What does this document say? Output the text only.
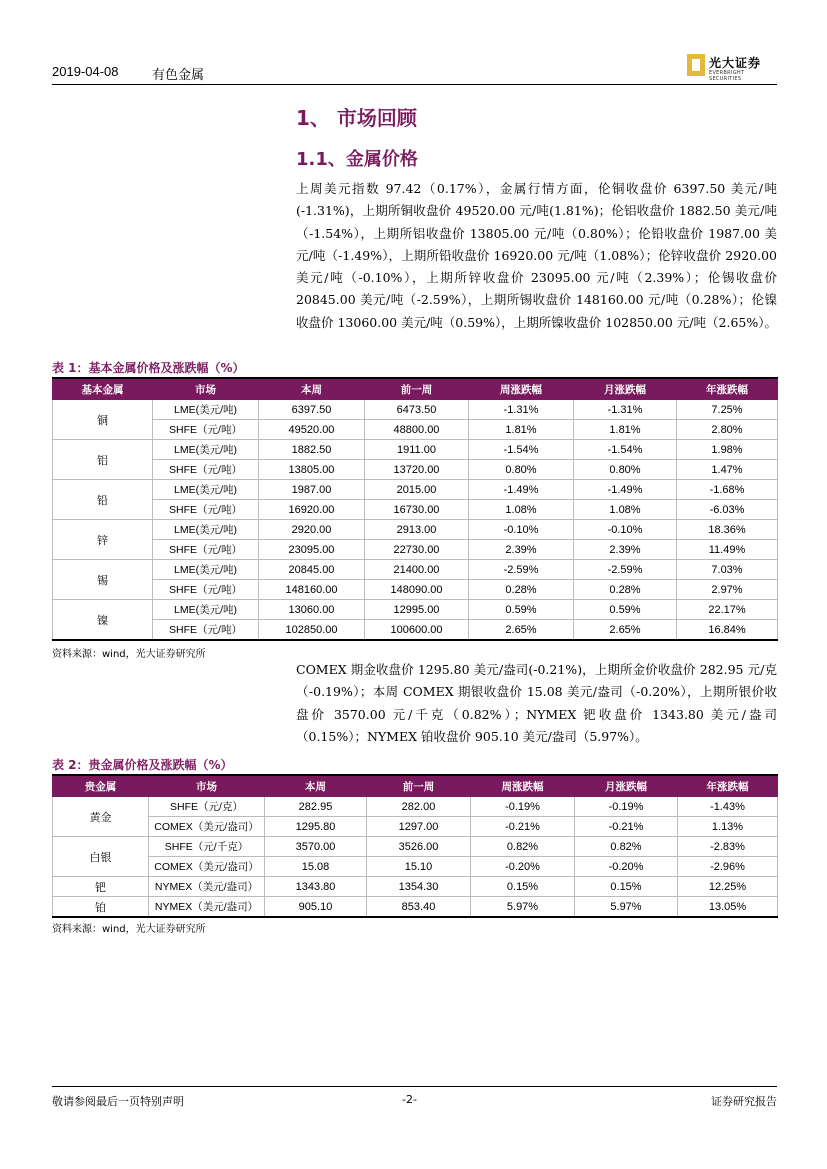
2019-04-08	有色金属
光大证券
EVERBRIGHT SECURITIES
1、 市场回顾
1.1、金属价格
上周美元指数 97.42（0.17%），金属行情方面，伦铜收盘价 6397.50 美元/吨(-1.31%)，上期所铜收盘价 49520.00 元/吨(1.81%)；伦铝收盘价 1882.50 美元/吨（-1.54%），上期所铝收盘价 13805.00 元/吨（0.80%）；伦铅收盘价 1987.00 美元/吨（-1.49%），上期所铅收盘价 16920.00 元/吨（1.08%）；伦锌收盘价 2920.00 美元/吨（-0.10%），上期所锌收盘价 23095.00 元/吨（2.39%）；伦锡收盘价 20845.00 美元/吨（-2.59%），上期所锡收盘价 148160.00 元/吨（0.28%）；伦镍收盘价 13060.00 美元/吨（0.59%），上期所镍收盘价 102850.00 元/吨（2.65%）。
表 1：基本金属价格及涨跌幅（%）
基本金属	市场	本周	前一周	周涨跌幅	月涨跌幅	年涨跌幅
铜	LME(美元/吨)	6397.50	6473.50	-1.31%	-1.31%	7.25%
	SHFE（元/吨）	49520.00	48800.00	1.81%	1.81%	2.80%
铝	LME(美元/吨)	1882.50	1911.00	-1.54%	-1.54%	1.98%
	SHFE（元/吨）	13805.00	13720.00	0.80%	0.80%	1.47%
铅	LME(美元/吨)	1987.00	2015.00	-1.49%	-1.49%	-1.68%
	SHFE（元/吨）	16920.00	16730.00	1.08%	1.08%	-6.03%
锌	LME(美元/吨)	2920.00	2913.00	-0.10%	-0.10%	18.36%
	SHFE（元/吨）	23095.00	22730.00	2.39%	2.39%	11.49%
锡	LME(美元/吨)	20845.00	21400.00	-2.59%	-2.59%	7.03%
	SHFE（元/吨）	148160.00	148090.00	0.28%	0.28%	2.97%
镍	LME(美元/吨)	13060.00	12995.00	0.59%	0.59%	22.17%
	SHFE（元/吨）	102850.00	100600.00	2.65%	2.65%	16.84%
资料来源：wind，光大证券研究所
COMEX 期金收盘价 1295.80 美元/盎司(-0.21%)，上期所金价收盘价 282.95 元/克（-0.19%）；本周 COMEX 期银收盘价 15.08 美元/盎司（-0.20%），上期所银价收盘价 3570.00 元/千克（0.82%）；NYMEX 钯收盘价 1343.80 美元/盎司（0.15%）；NYMEX 铂收盘价 905.10 美元/盎司（5.97%）。
表 2：贵金属价格及涨跌幅（%）
贵金属	市场	本周	前一周	周涨跌幅	月涨跌幅	年涨跌幅
黄金	SHFE（元/克）	282.95	282.00	-0.19%	-0.19%	-1.43%
	COMEX（美元/盎司）	1295.80	1297.00	-0.21%	-0.21%	1.13%
白银	SHFE（元/千克）	3570.00	3526.00	0.82%	0.82%	-2.83%
	COMEX（美元/盎司）	15.08	15.10	-0.20%	-0.20%	-2.96%
钯	NYMEX（美元/盎司）	1343.80	1354.30	0.15%	0.15%	12.25%
铂	NYMEX（美元/盎司）	905.10	853.40	5.97%	5.97%	13.05%
资料来源：wind，光大证券研究所
敬请参阅最后一页特别声明	-2-	证券研究报告
